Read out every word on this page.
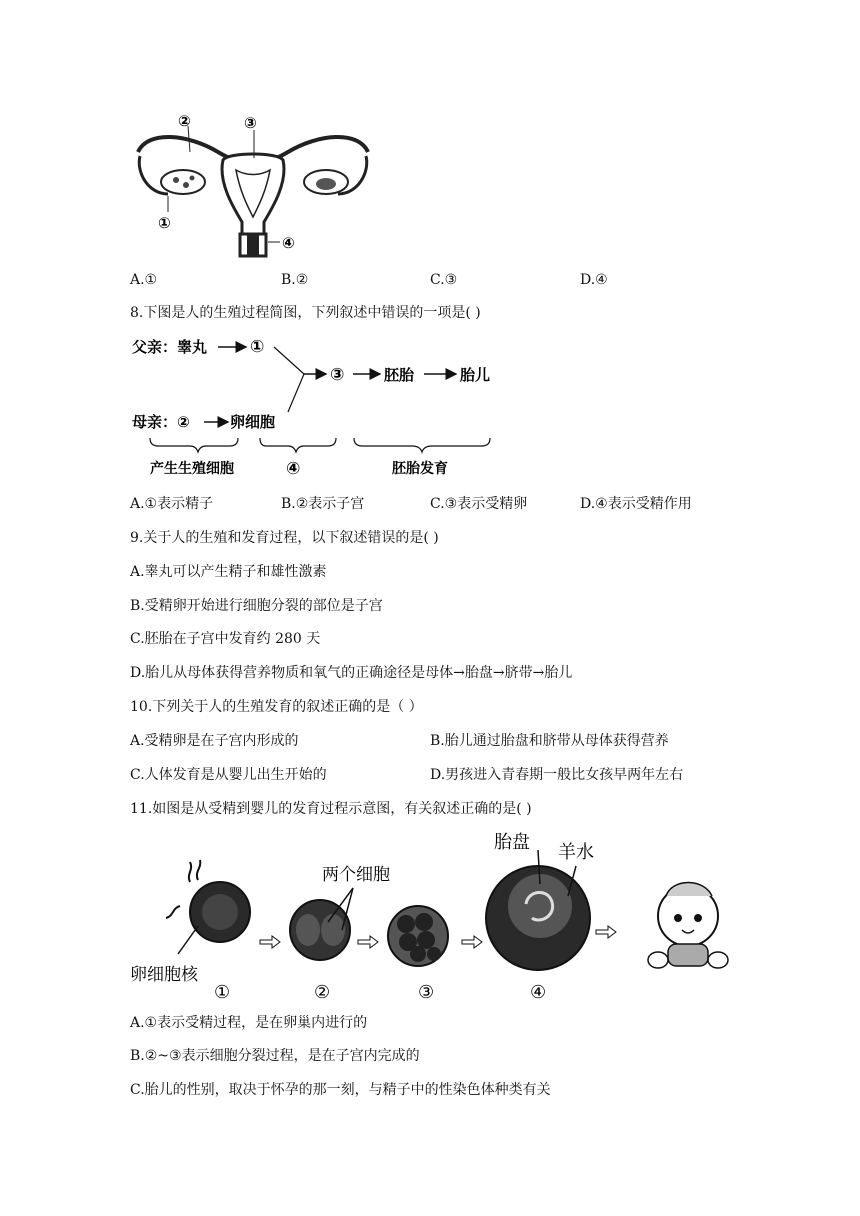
②	③
①
④
A.①	B.②	C.③	D.④
8.下图是人的生殖过程简图，下列叙述中错误的一项是( )
父亲：睾丸	①
③	胚胎	胎儿
母亲：②	卵细胞
产生生殖细胞	④	胚胎发育
A.①表示精子	B.②表示子宫	C.③表示受精卵	D.④表示受精作用
9.关于人的生殖和发育过程，以下叙述错误的是( )
A.睾丸可以产生精子和雄性激素
B.受精卵开始进行细胞分裂的部位是子宫
C.胚胎在子宫中发育约 280 天
D.胎儿从母体获得营养物质和氧气的正确途径是母体→胎盘→脐带→胎儿
10.下列关于人的生殖发育的叙述正确的是（ ）
A.受精卵是在子宫内形成的	B.胎儿通过胎盘和脐带从母体获得营养
C.人体发育是从婴儿出生开始的	D.男孩进入青春期一般比女孩早两年左右
11.如图是从受精到婴儿的发育过程示意图，有关叙述正确的是( )
胎盘 羊水
两个细胞
卵细胞核
①	②	③	④
A.①表示受精过程，是在卵巢内进行的
B.②~③表示细胞分裂过程，是在子宫内完成的
C.胎儿的性别，取决于怀孕的那一刻，与精子中的性染色体种类有关
